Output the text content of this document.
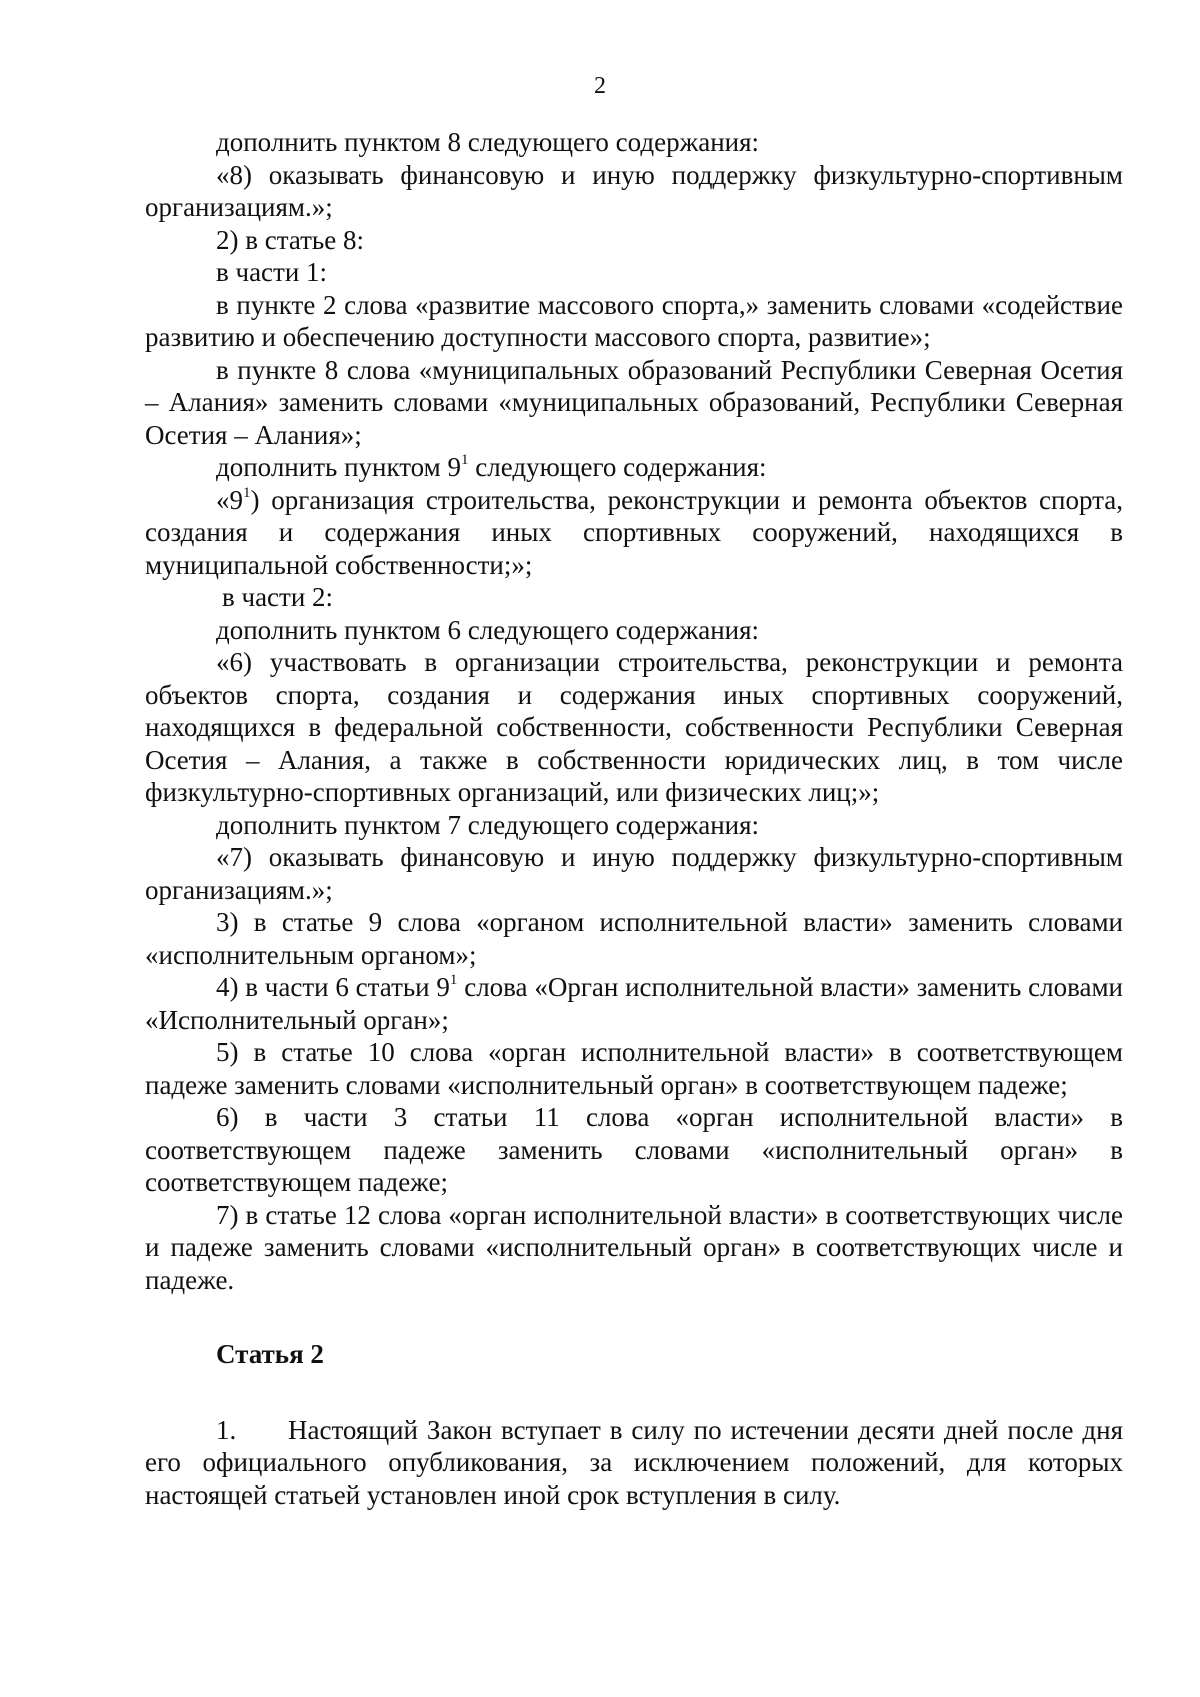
2

дополнить пунктом 8 следующего содержания:

«8) оказывать финансовую и иную поддержку физкультурно-спортивным организациям.»;

2) в статье 8:

в части 1:

в пункте 2 слова «развитие массового спорта,» заменить словами «содействие развитию и обеспечению доступности массового спорта, развитие»;

в пункте 8 слова «муниципальных образований Республики Северная Осетия – Алания» заменить словами «муниципальных образований, Республики Северная Осетия – Алания»;

дополнить пунктом $9^1$ следующего содержания:

«$9^1$) организация строительства, реконструкции и ремонта объектов спорта, создания и содержания иных спортивных сооружений, находящихся в муниципальной собственности;»;

в части 2:

дополнить пунктом 6 следующего содержания:

«6) участвовать в организации строительства, реконструкции и ремонта объектов спорта, создания и содержания иных спортивных сооружений, находящихся в федеральной собственности, собственности Республики Северная Осетия – Алания, а также в собственности юридических лиц, в том числе физкультурно-спортивных организаций, или физических лиц;»;

дополнить пунктом 7 следующего содержания:

«7) оказывать финансовую и иную поддержку физкультурно-спортивным организациям.»;

3) в статье 9 слова «органом исполнительной власти» заменить словами «исполнительным органом»;

4) в части 6 статьи $9^1$ слова «Орган исполнительной власти» заменить словами «Исполнительный орган»;

5) в статье 10 слова «орган исполнительной власти» в соответствующем падеже заменить словами «исполнительный орган» в соответствующем падеже;

6) в части 3 статьи 11 слова «орган исполнительной власти» в соответствующем падеже заменить словами «исполнительный орган» в соответствующем падеже;

7) в статье 12 слова «орган исполнительной власти» в соответствующих числе и падеже заменить словами «исполнительный орган» в соответствующих числе и падеже.

Статья 2

1. Настоящий Закон вступает в силу по истечении десяти дней после дня его официального опубликования, за исключением положений, для которых настоящей статьей установлен иной срок вступления в силу.
